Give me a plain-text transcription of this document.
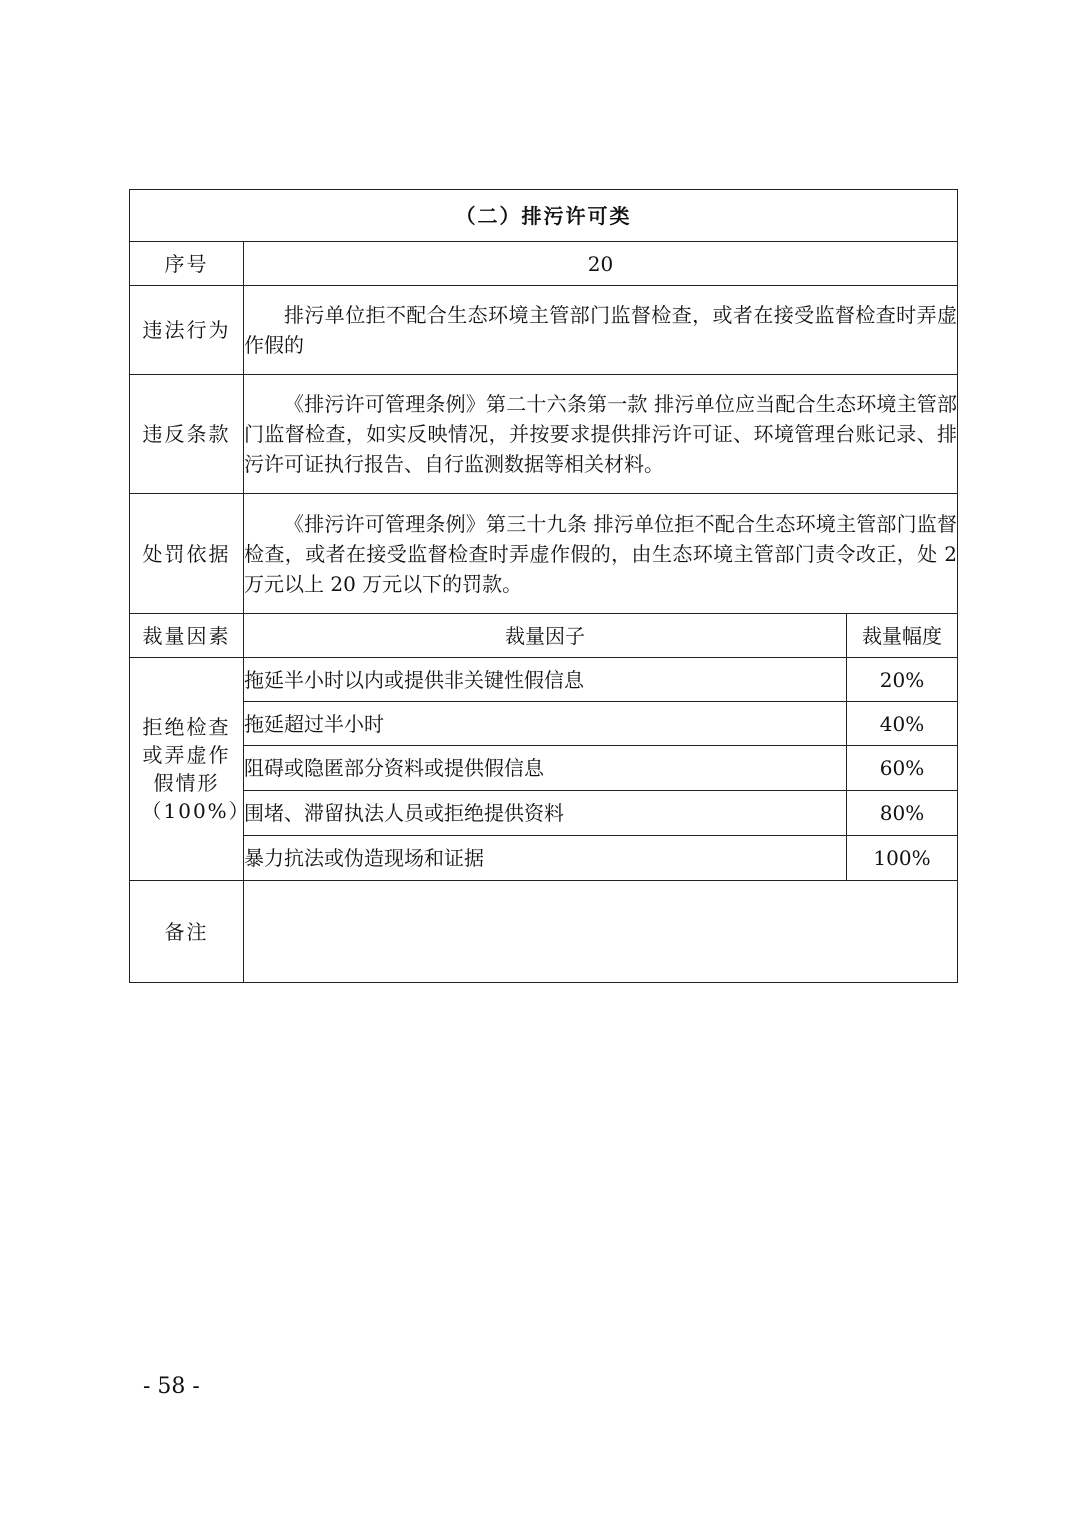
（二）排污许可类		
序号	20	
违法行为	排污单位拒不配合生态环境主管部门监督检查，或者在接受监督检查时弄虚作假的	

违反条款	《排污许可管理条例》第二十六条第一款 排污单位应当配合生态环境主管部门监督检查，如实反映情况，并按要求提供排污许可证、环境管理台账记录、排污许可证执行报告、自行监测数据等相关材料。	

处罚依据	《排污许可管理条例》第三十九条 排污单位拒不配合生态环境主管部门监督检查，或者在接受监督检查时弄虚作假的，由生态环境主管部门责令改正，处 2 万元以上 20 万元以下的罚款。	

裁量因素	裁量因子	裁量幅度
拒绝检查
或弄虚作
假情形
（100%）	拖延半小时以内或提供非关键性假信息	20%
	拖延超过半小时	40%
	阻碍或隐匿部分资料或提供假信息	60%
	围堵、滞留执法人员或拒绝提供资料	80%
	暴力抗法或伪造现场和证据	100%
备注		
- 58 -
